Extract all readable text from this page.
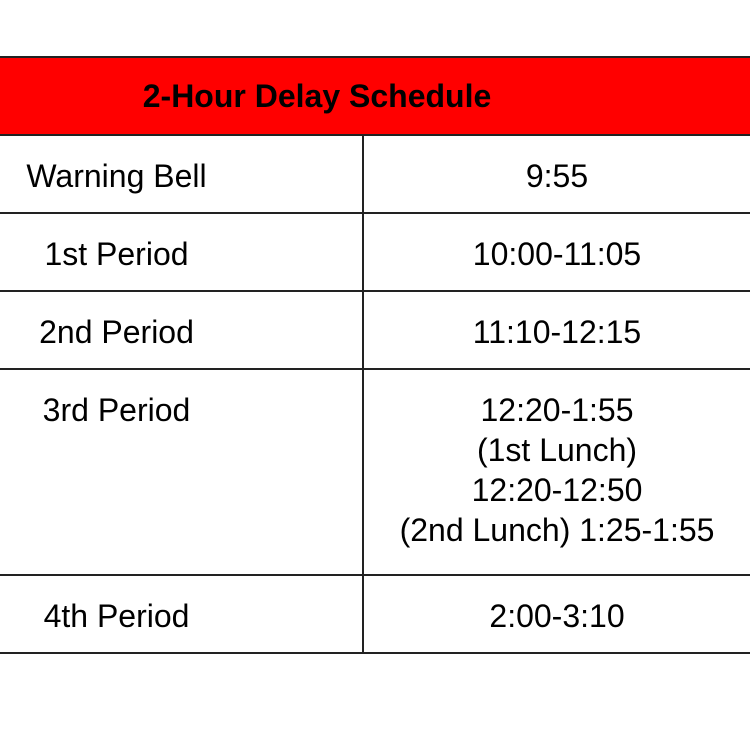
2-Hour Delay Schedule	
Warning Bell	9:55
1st Period	10:00-11:05
2nd Period	11:10-12:15
3rd Period	12:20-1:55
(1st Lunch)
12:20-12:50
(2nd Lunch) 1:25-1:55

4th Period	2:00-3:10
